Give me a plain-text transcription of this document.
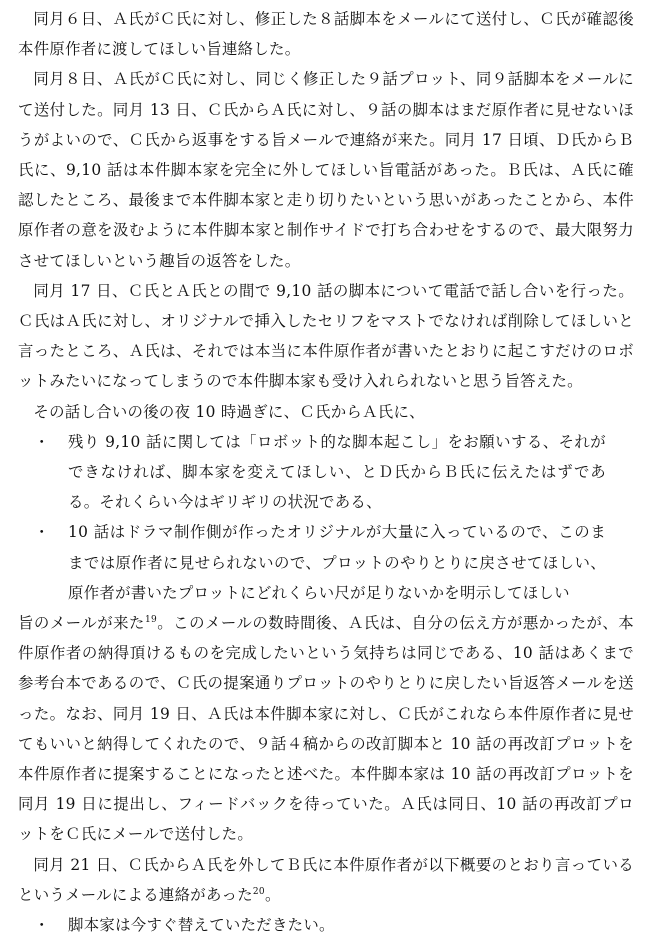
同月６日、Ａ氏がＣ氏に対し、修正した８話脚本をメールにて送付し、Ｃ氏が確認後本件原作者に渡してほしい旨連絡した。

同月８日、Ａ氏がＣ氏に対し、同じく修正した９話プロット、同９話脚本をメールにて送付した。同月 13 日、Ｃ氏からＡ氏に対し、９話の脚本はまだ原作者に見せないほうがよいので、Ｃ氏から返事をする旨メールで連絡が来た。同月 17 日頃、Ｄ氏からＢ氏に、9,10 話は本件脚本家を完全に外してほしい旨電話があった。Ｂ氏は、Ａ氏に確認したところ、最後まで本件脚本家と走り切りたいという思いがあったことから、本件原作者の意を汲むように本件脚本家と制作サイドで打ち合わせをするので、最大限努力させてほしいという趣旨の返答をした。

同月 17 日、Ｃ氏とＡ氏との間で 9,10 話の脚本について電話で話し合いを行った。Ｃ氏はＡ氏に対し、オリジナルで挿入したセリフをマストでなければ削除してほしいと言ったところ、Ａ氏は、それでは本当に本件原作者が書いたとおりに起こすだけのロボットみたいになってしまうので本件脚本家も受け入れられないと思う旨答えた。

その話し合いの後の夜 10 時過ぎに、Ｃ氏からＡ氏に、

・	残り 9,10 話に関しては「ロボット的な脚本起こし」をお願いする、それができなければ、脚本家を変えてほしい、とＤ氏からＢ氏に伝えたはずである。それくらい今はギリギリの状況である、
・	10 話はドラマ制作側が作ったオリジナルが大量に入っているので、このままでは原作者に見せられないので、プロットのやりとりに戻させてほしい、原作者が書いたプロットにどれくらい尺が足りないかを明示してほしい

旨のメールが来た$^{19}$。このメールの数時間後、Ａ氏は、自分の伝え方が悪かったが、本件原作者の納得頂けるものを完成したいという気持ちは同じである、10 話はあくまで参考台本であるので、Ｃ氏の提案通りプロットのやりとりに戻したい旨返答メールを送った。なお、同月 19 日、Ａ氏は本件脚本家に対し、Ｃ氏がこれなら本件原作者に見せてもいいと納得してくれたので、９話４稿からの改訂脚本と 10 話の再改訂プロットを本件原作者に提案することになったと述べた。本件脚本家は 10 話の再改訂プロットを同月 19 日に提出し、フィードバックを待っていた。Ａ氏は同日、10 話の再改訂プロットをＣ氏にメールで送付した。

同月 21 日、Ｃ氏からＡ氏を外してＢ氏に本件原作者が以下概要のとおり言っているというメールによる連絡があった$^{20}$。

・	脚本家は今すぐ替えていただきたい。
